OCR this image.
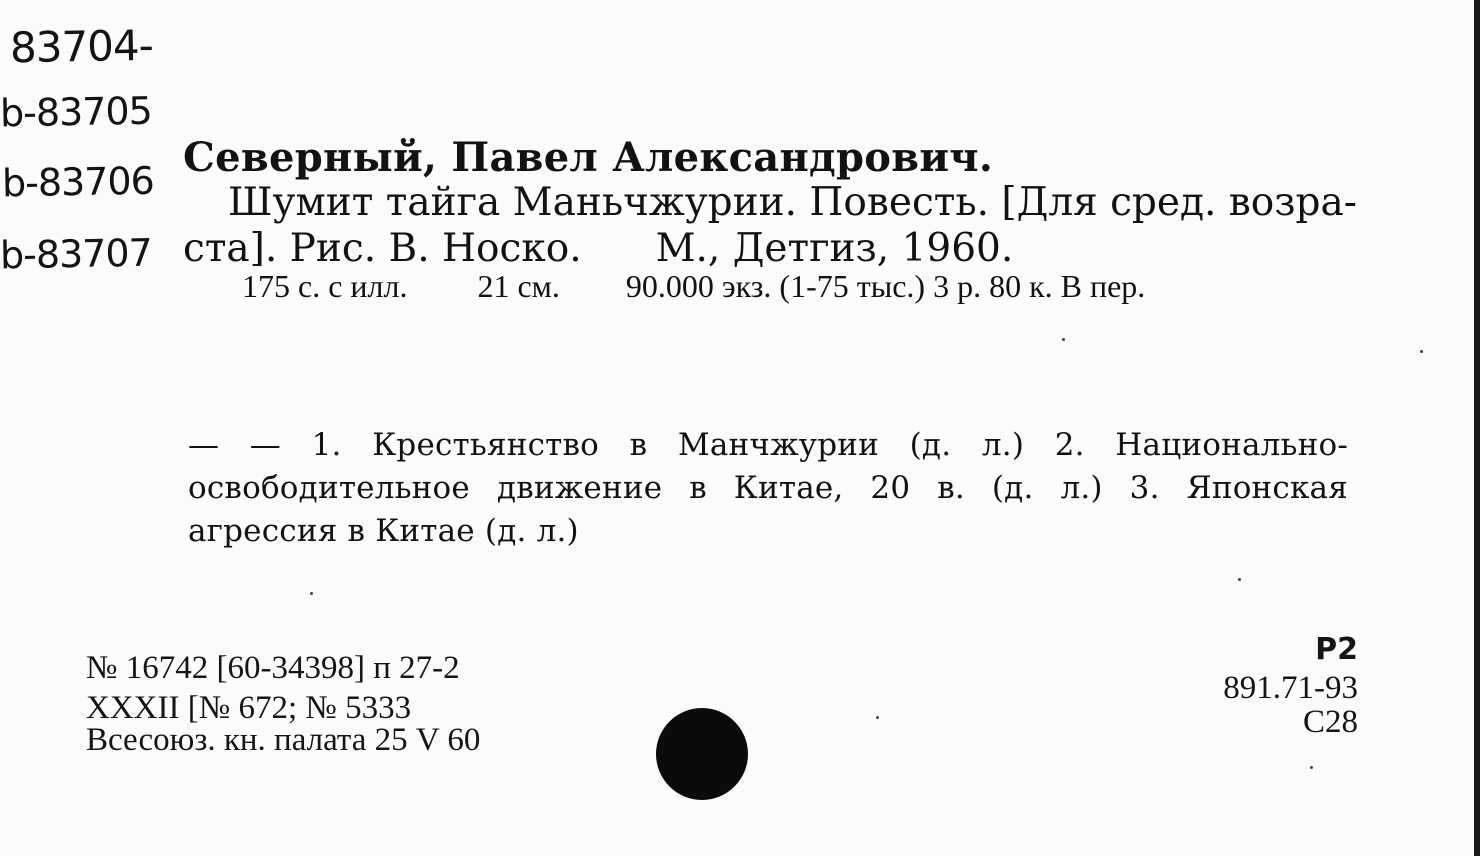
83704-
b-83705
b-83706
b-83707
Северный, Павел Александрович.
Шумит тайга Маньчжурии. Повесть. [Для сред. возра-
ста]. Рис. В. Носко. М., Детгиз, 1960.
175 с. с илл. 21 см. 90.000 экз. (1-75 тыс.) 3 р. 80 к. В пер.
— — 1. Крестьянство в Манчжурии (д. л.) 2. Национально-освободительное движение в Китае, 20 в. (д. л.) 3. Японская агрессия в Китае (д. л.)
№ 16742 [60-34398] п 27-2
XXXII [№ 672; № 5333
Всесоюз. кн. палата 25 V 60
Р2
891.71-93
С28
